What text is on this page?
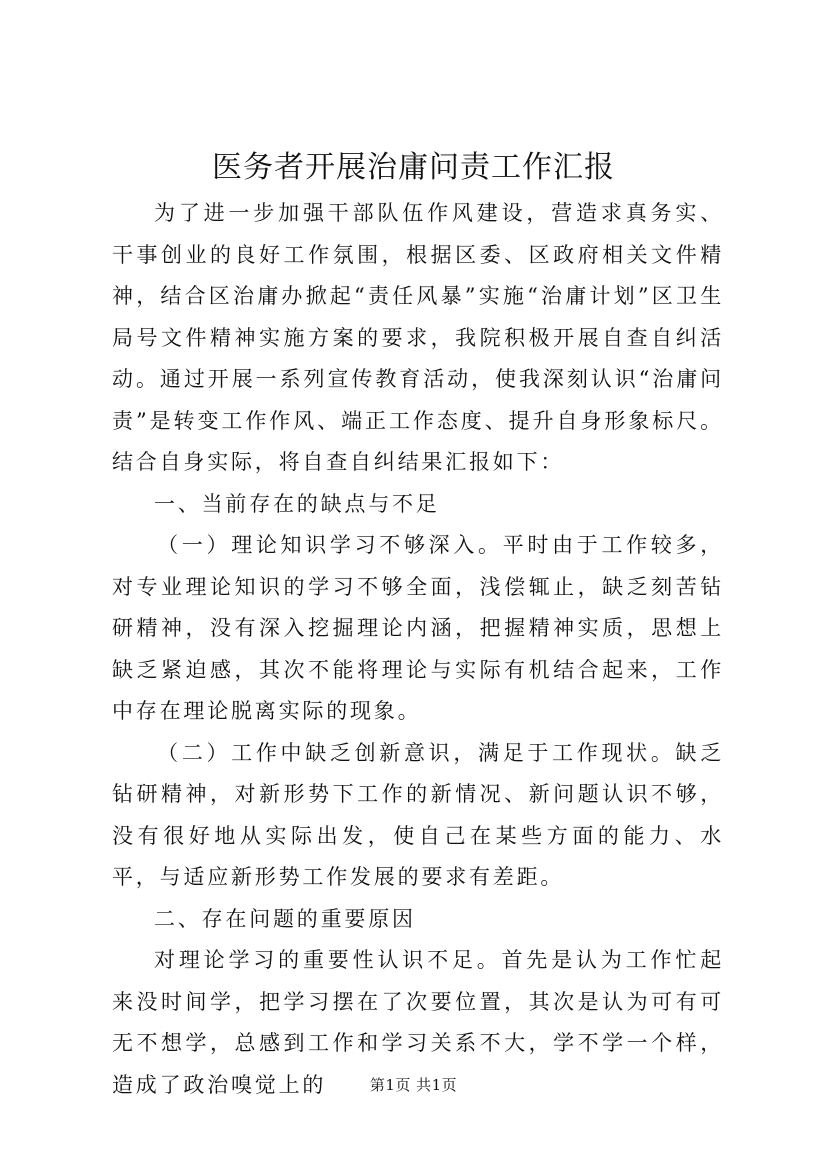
医务者开展治庸问责工作汇报

为了进一步加强干部队伍作风建设，营造求真务实、干事创业的良好工作氛围，根据区委、区政府相关文件精神，结合区治庸办掀起“责任风暴”实施“治庸计划”区卫生局号文件精神实施方案的要求，我院积极开展自查自纠活动。通过开展一系列宣传教育活动，使我深刻认识“治庸问责”是转变工作作风、端正工作态度、提升自身形象标尺。结合自身实际，将自查自纠结果汇报如下：

一、当前存在的缺点与不足

（一）理论知识学习不够深入。平时由于工作较多，对专业理论知识的学习不够全面，浅偿辄止，缺乏刻苦钻研精神，没有深入挖掘理论内涵，把握精神实质，思想上缺乏紧迫感，其次不能将理论与实际有机结合起来，工作中存在理论脱离实际的现象。

（二）工作中缺乏创新意识，满足于工作现状。缺乏钻研精神，对新形势下工作的新情况、新问题认识不够，没有很好地从实际出发，使自己在某些方面的能力、水平，与适应新形势工作发展的要求有差距。

二、存在问题的重要原因

对理论学习的重要性认识不足。首先是认为工作忙起来没时间学，把学习摆在了次要位置，其次是认为可有可无不想学，总感到工作和学习关系不大，学不学一个样，造成了政治嗅觉上的	第1页 共1页
